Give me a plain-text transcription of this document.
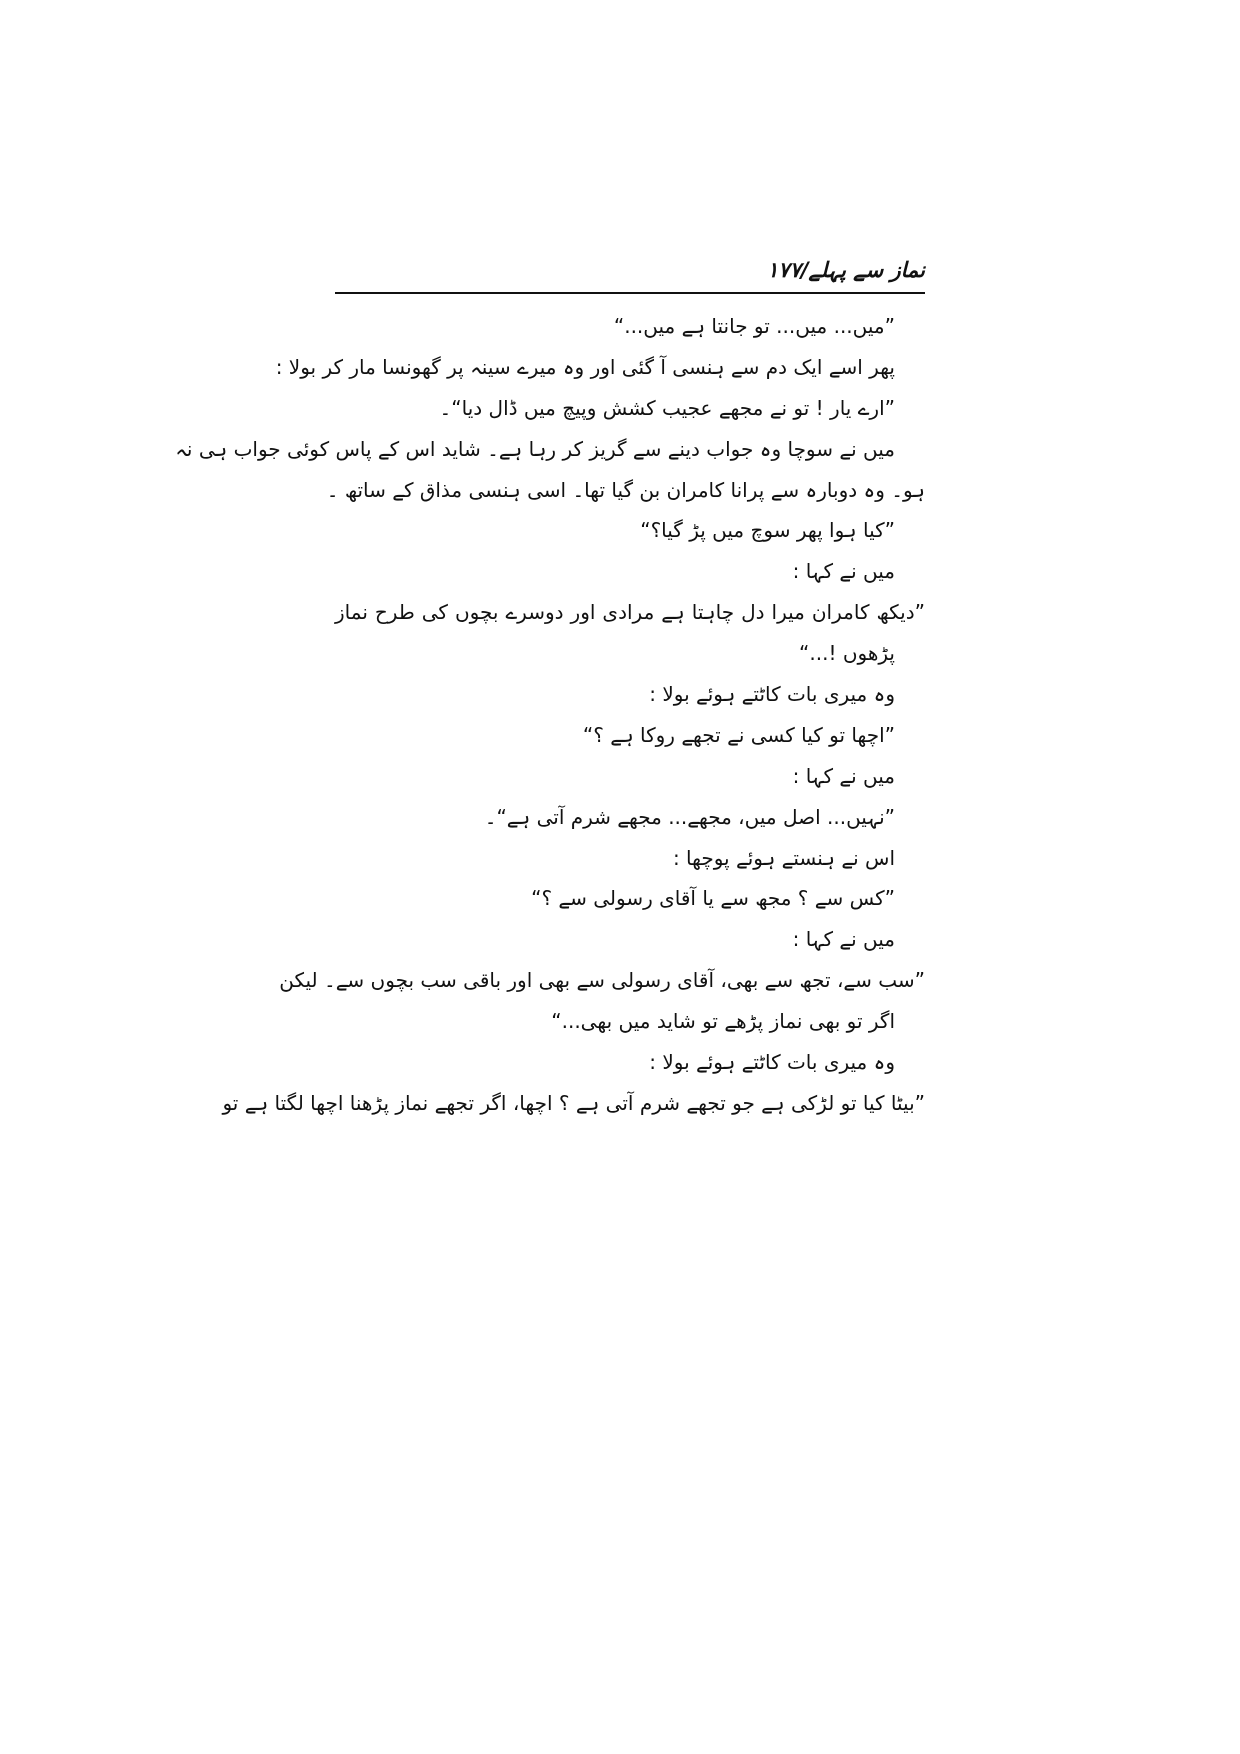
نماز سے پہلے/۱۷۷
”میں... میں... تو جانتا ہے میں...“
پھر اسے ایک دم سے ہنسی آ گئی اور وہ میرے سینہ پر گھونسا مار کر بولا :
”ارے یار ! تو نے مجھے عجیب کشش وپیچ میں ڈال دیا“۔
میں نے سوچا وہ جواب دینے سے گریز کر رہا ہے۔ شاید اس کے پاس کوئی جواب ہی نہ
ہو۔ وہ دوبارہ سے پرانا کامران بن گیا تھا۔ اسی ہنسی مذاق کے ساتھ ۔
”کیا ہوا پھر سوچ میں پڑ گیا؟“
میں نے کہا :
”دیکھ کامران میرا دل چاہتا ہے مرادی اور دوسرے بچوں کی طرح نماز
پڑھوں !...“
وہ میری بات کاٹتے ہوئے بولا :
”اچھا تو کیا کسی نے تجھے روکا ہے ؟“
میں نے کہا :
”نہیں... اصل میں، مجھے... مجھے شرم آتی ہے“۔
اس نے ہنستے ہوئے پوچھا :
”کس سے ؟ مجھ سے یا آقای رسولی سے ؟“
میں نے کہا :
”سب سے، تجھ سے بھی، آقای رسولی سے بھی اور باقی سب بچوں سے۔ لیکن
اگر تو بھی نماز پڑھے تو شاید میں بھی...“
وہ میری بات کاٹتے ہوئے بولا :
”بیٹا کیا تو لڑکی ہے جو تجھے شرم آتی ہے ؟ اچھا، اگر تجھے نماز پڑھنا اچھا لگتا ہے تو
